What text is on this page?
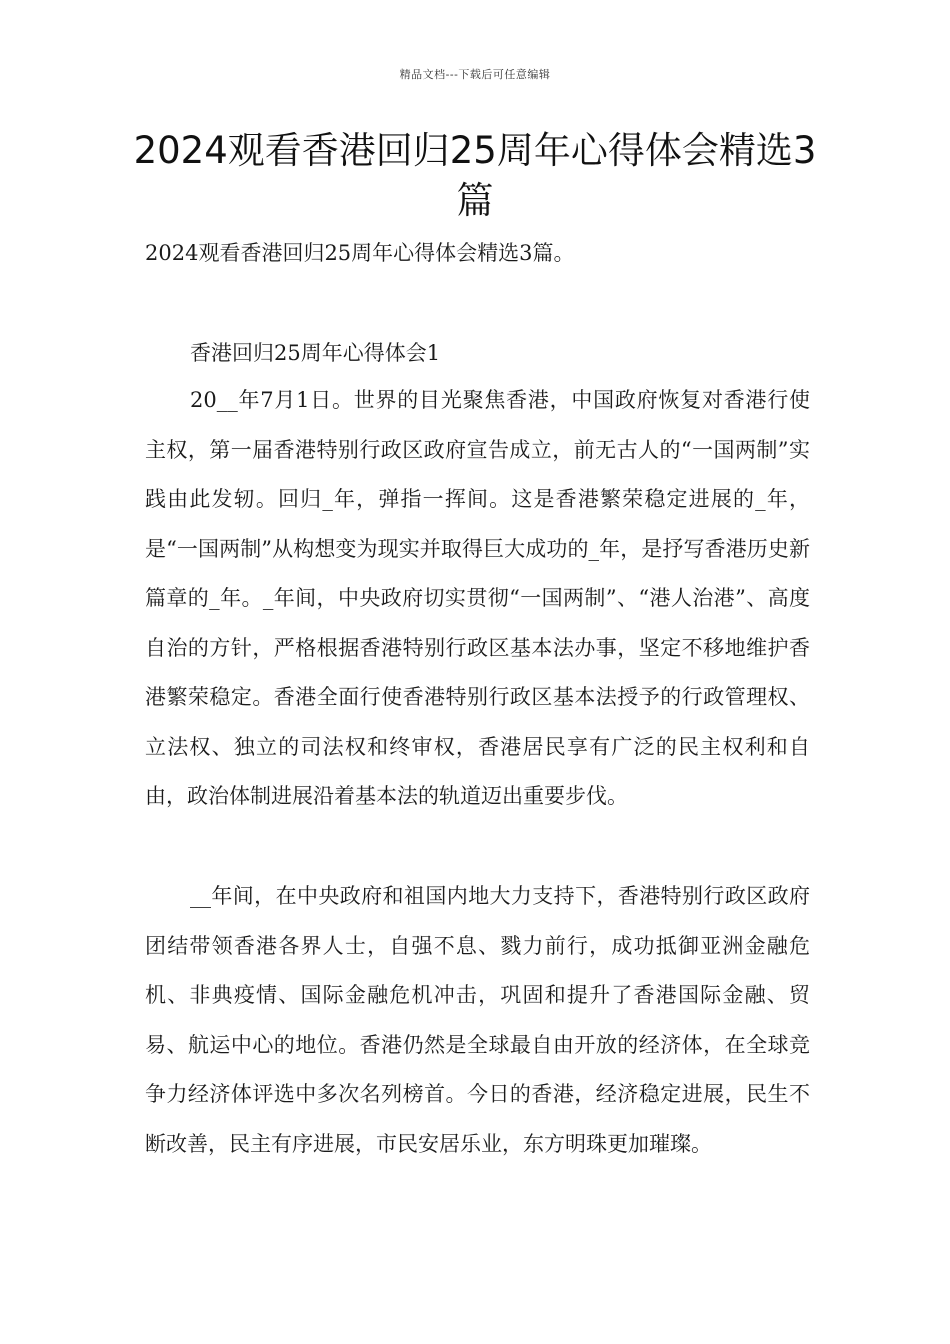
精品文档---下载后可任意编辑
2024观看香港回归25周年心得体会精选3篇
2024观看香港回归25周年心得体会精选3篇。
香港回归25周年心得体会1

20__年7月1日。世界的目光聚焦香港，中国政府恢复对香港行使主权，第一届香港特别行政区政府宣告成立，前无古人的“一国两制”实践由此发轫。回归_年，弹指一挥间。这是香港繁荣稳定进展的_年，是“一国两制”从构想变为现实并取得巨大成功的_年，是抒写香港历史新篇章的_年。_年间，中央政府切实贯彻“一国两制”、“港人治港”、高度自治的方针，严格根据香港特别行政区基本法办事，坚定不移地维护香港繁荣稳定。香港全面行使香港特别行政区基本法授予的行政管理权、立法权、独立的司法权和终审权，香港居民享有广泛的民主权利和自由，政治体制进展沿着基本法的轨道迈出重要步伐。

__年间，在中央政府和祖国内地大力支持下，香港特别行政区政府团结带领香港各界人士，自强不息、戮力前行，成功抵御亚洲金融危机、非典疫情、国际金融危机冲击，巩固和提升了香港国际金融、贸易、航运中心的地位。香港仍然是全球最自由开放的经济体，在全球竞争力经济体评选中多次名列榜首。今日的香港，经济稳定进展，民生不断改善，民主有序进展，市民安居乐业，东方明珠更加璀璨。
